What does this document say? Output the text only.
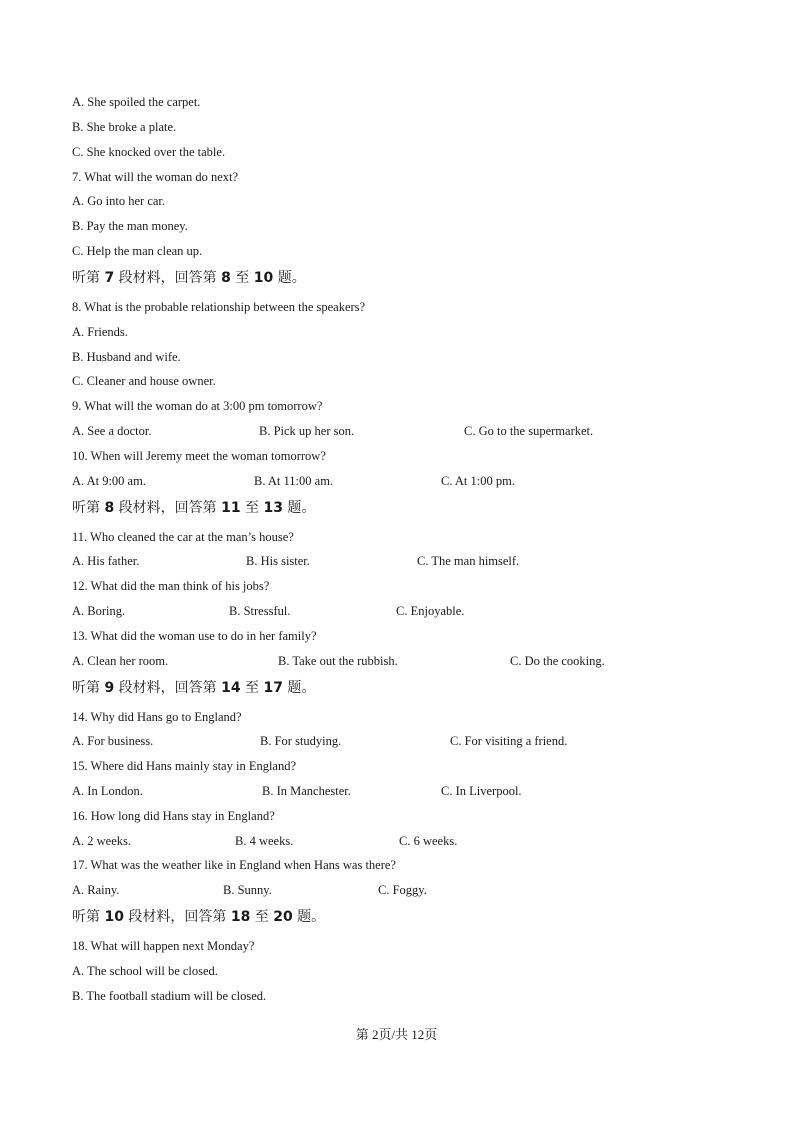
A. She spoiled the carpet.
B. She broke a plate.
C. She knocked over the table.
7. What will the woman do next?
A. Go into her car.
B. Pay the man money.
C. Help the man clean up.
听第 7 段材料，回答第 8 至 10 题。
8. What is the probable relationship between the speakers?
A. Friends.
B. Husband and wife.
C. Cleaner and house owner.
9. What will the woman do at 3:00 pm tomorrow?
A. See a doctor.	B. Pick up her son.	C. Go to the supermarket.
10. When will Jeremy meet the woman tomorrow?
A. At 9:00 am.	B. At 11:00 am.	C. At 1:00 pm.
听第 8 段材料，回答第 11 至 13 题。
11. Who cleaned the car at the man’s house?
A. His father.	B. His sister.	C. The man himself.
12. What did the man think of his jobs?
A. Boring.	B. Stressful.	C. Enjoyable.
13. What did the woman use to do in her family?
A. Clean her room.	B. Take out the rubbish.	C. Do the cooking.
听第 9 段材料，回答第 14 至 17 题。
14. Why did Hans go to England?
A. For business.	B. For studying.	C. For visiting a friend.
15. Where did Hans mainly stay in England?
A. In London.	B. In Manchester.	C. In Liverpool.
16. How long did Hans stay in England?
A. 2 weeks.	B. 4 weeks.	C. 6 weeks.
17. What was the weather like in England when Hans was there?
A. Rainy.	B. Sunny.	C. Foggy.
听第 10 段材料，回答第 18 至 20 题。
18. What will happen next Monday?
A. The school will be closed.
B. The football stadium will be closed.
第 2页/共 12页
